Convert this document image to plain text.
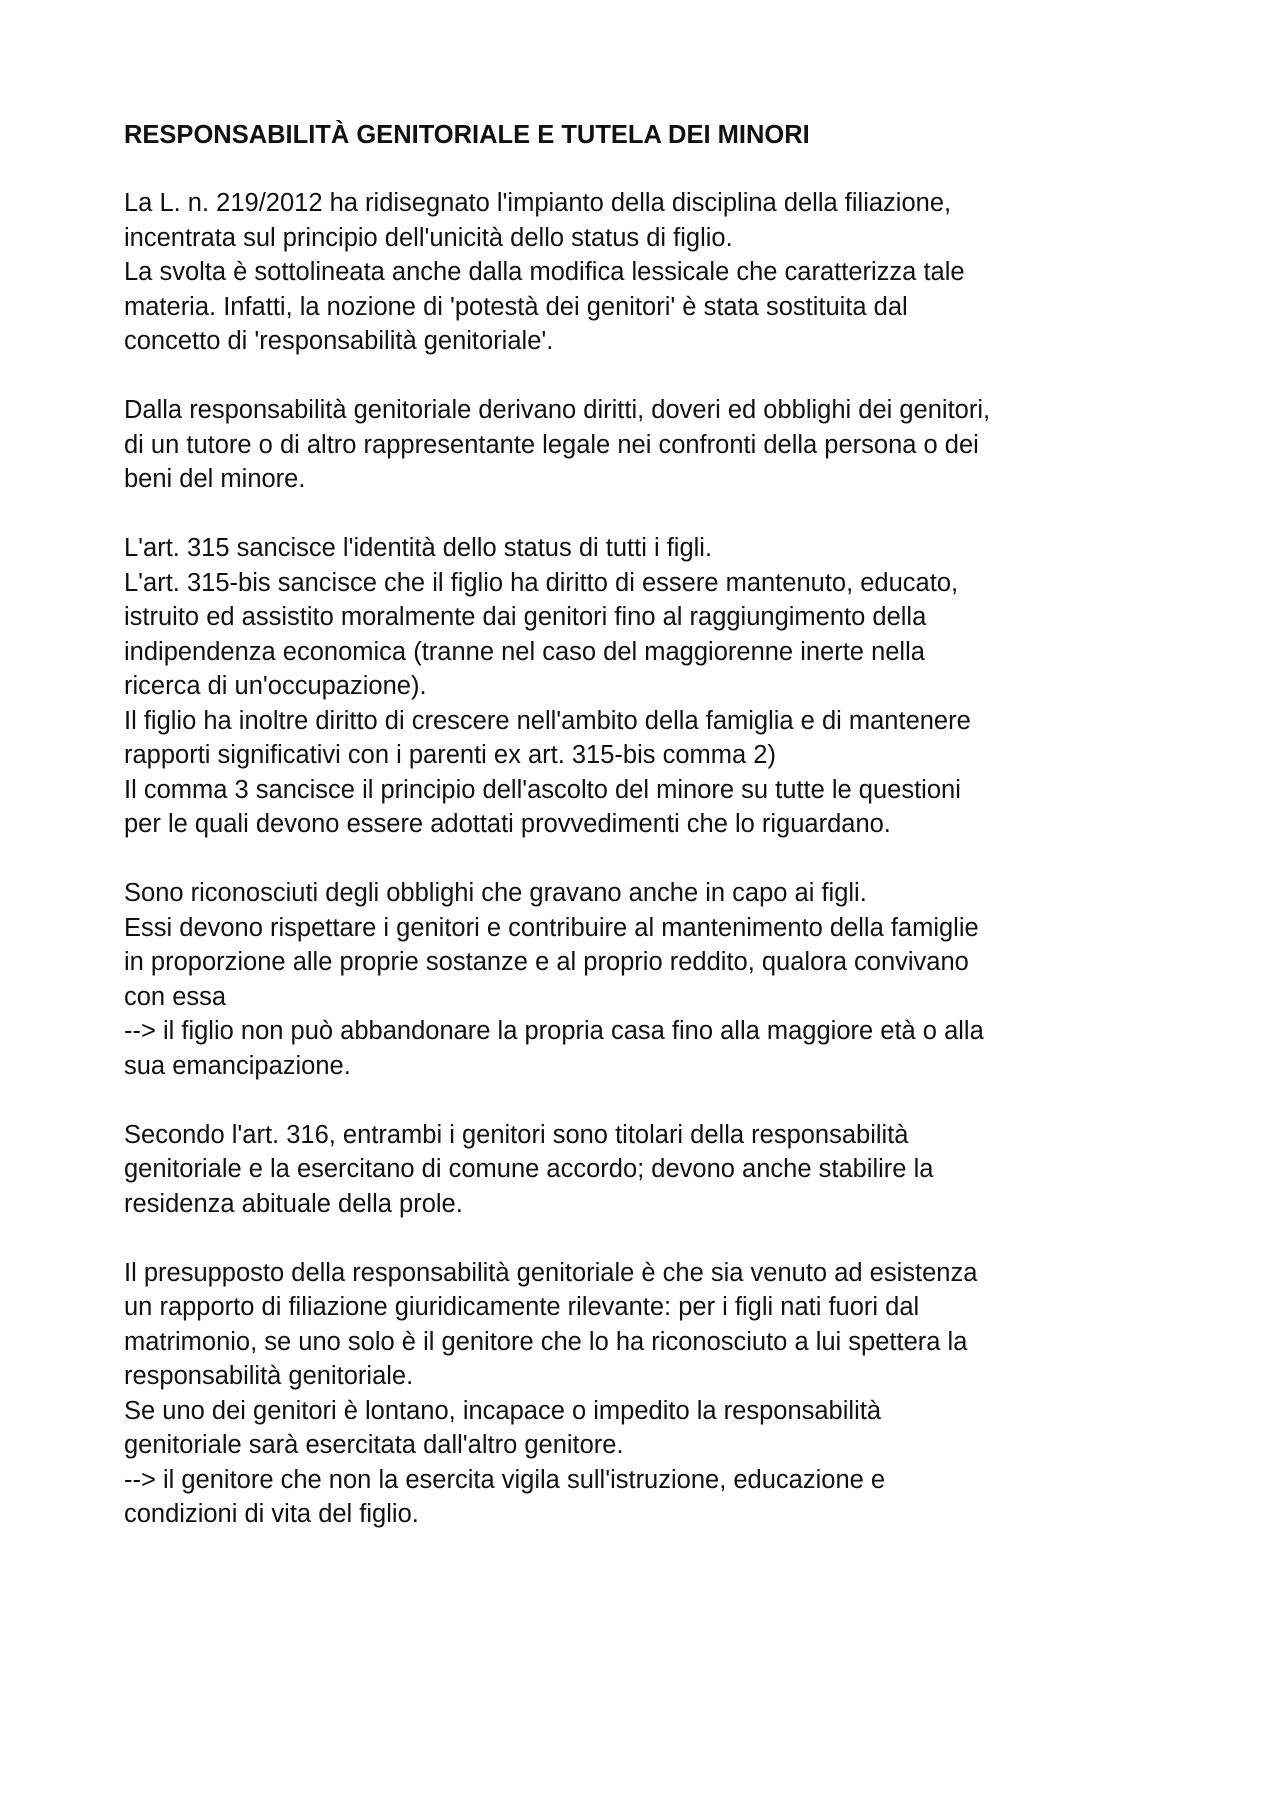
RESPONSABILITÀ GENITORIALE E TUTELA DEI MINORI
La L. n. 219/2012 ha ridisegnato l'impianto della disciplina della filiazione,
incentrata sul principio dell'unicità dello status di figlio.
La svolta è sottolineata anche dalla modifica lessicale che caratterizza tale
materia. Infatti, la nozione di 'potestà dei genitori' è stata sostituita dal
concetto di 'responsabilità genitoriale'.
Dalla responsabilità genitoriale derivano diritti, doveri ed obblighi dei genitori,
di un tutore o di altro rappresentante legale nei confronti della persona o dei
beni del minore.
L'art. 315 sancisce l'identità dello status di tutti i figli.
L'art. 315-bis sancisce che il figlio ha diritto di essere mantenuto, educato,
istruito ed assistito moralmente dai genitori fino al raggiungimento della
indipendenza economica (tranne nel caso del maggiorenne inerte nella
ricerca di un'occupazione).
Il figlio ha inoltre diritto di crescere nell'ambito della famiglia e di mantenere
rapporti significativi con i parenti ex art. 315-bis comma 2)
Il comma 3 sancisce il principio dell'ascolto del minore su tutte le questioni
per le quali devono essere adottati provvedimenti che lo riguardano.
Sono riconosciuti degli obblighi che gravano anche in capo ai figli.
Essi devono rispettare i genitori e contribuire al mantenimento della famiglie
in proporzione alle proprie sostanze e al proprio reddito, qualora convivano
con essa
--> il figlio non può abbandonare la propria casa fino alla maggiore età o alla
sua emancipazione.
Secondo l'art. 316, entrambi i genitori sono titolari della responsabilità
genitoriale e la esercitano di comune accordo; devono anche stabilire la
residenza abituale della prole.
Il presupposto della responsabilità genitoriale è che sia venuto ad esistenza
un rapporto di filiazione giuridicamente rilevante: per i figli nati fuori dal
matrimonio, se uno solo è il genitore che lo ha riconosciuto a lui spettera la
responsabilità genitoriale.
Se uno dei genitori è lontano, incapace o impedito la responsabilità
genitoriale sarà esercitata dall'altro genitore.
--> il genitore che non la esercita vigila sull'istruzione, educazione e
condizioni di vita del figlio.
